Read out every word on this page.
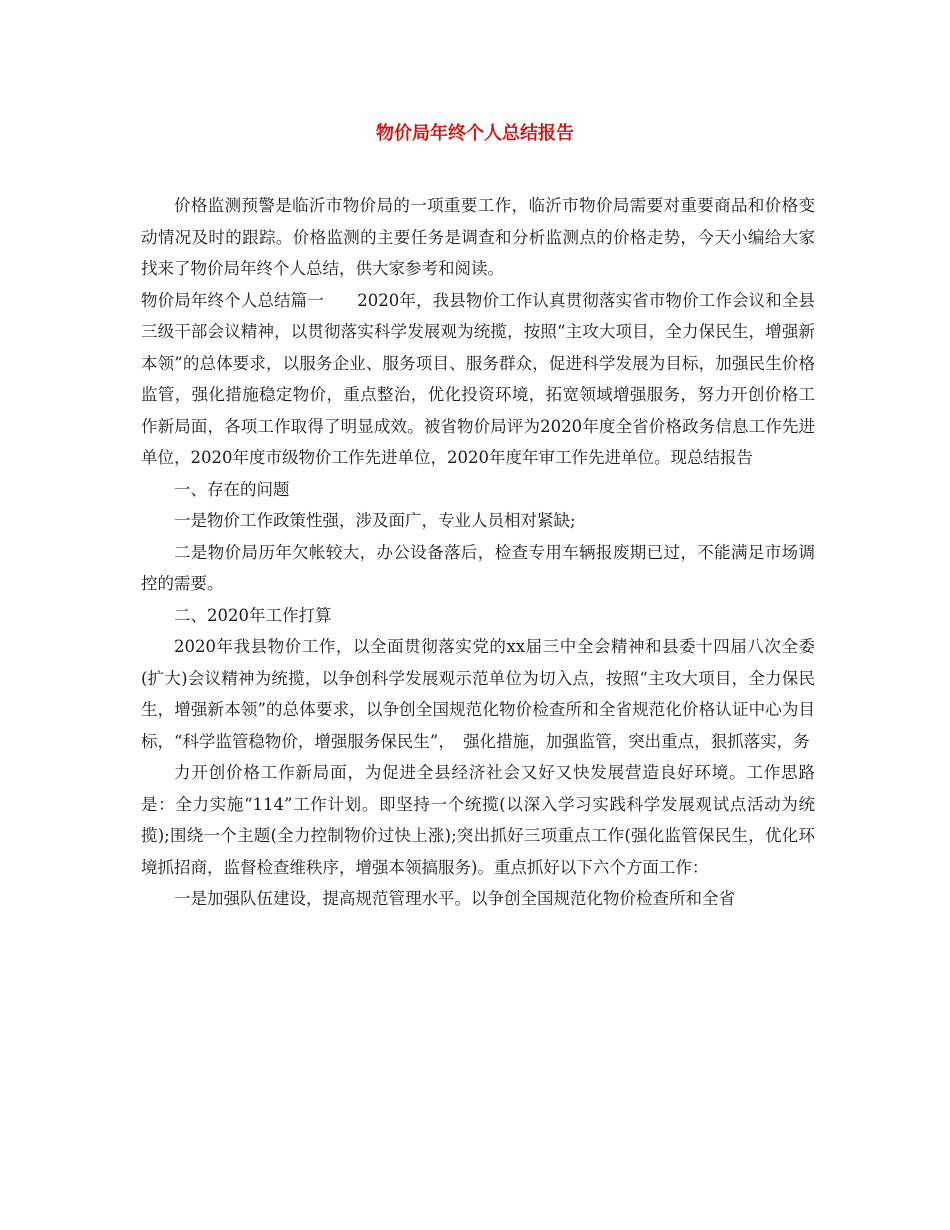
物价局年终个人总结报告

价格监测预警是临沂市物价局的一项重要工作，临沂市物价局需要对重要商品和价格变动情况及时的跟踪。价格监测的主要任务是调查和分析监测点的价格走势，今天小编给大家找来了物价局年终个人总结，供大家参考和阅读。

物价局年终个人总结篇一　　2020年，我县物价工作认真贯彻落实省市物价工作会议和全县三级干部会议精神，以贯彻落实科学发展观为统揽，按照“主攻大项目，全力保民生，增强新本领”的总体要求，以服务企业、服务项目、服务群众，促进科学发展为目标，加强民生价格监管，强化措施稳定物价，重点整治，优化投资环境，拓宽领域增强服务，努力开创价格工作新局面，各项工作取得了明显成效。被省物价局评为2020年度全省价格政务信息工作先进单位，2020年度市级物价工作先进单位，2020年度年审工作先进单位。现总结报告

一、存在的问题

一是物价工作政策性强，涉及面广，专业人员相对紧缺;

二是物价局历年欠帐较大，办公设备落后，检查专用车辆报废期已过，不能满足市场调控的需要。

二、2020年工作打算

2020年我县物价工作，以全面贯彻落实党的xx届三中全会精神和县委十四届八次全委(扩大)会议精神为统揽，以争创科学发展观示范单位为切入点，按照“主攻大项目，全力保民生，增强新本领”的总体要求，以争创全国规范化物价检查所和全省规范化价格认证中心为目标，“科学监管稳物价，增强服务保民生”，　强化措施，加强监管，突出重点，狠抓落实，务

力开创价格工作新局面，为促进全县经济社会又好又快发展营造良好环境。工作思路是：全力实施“114”工作计划。即坚持一个统揽(以深入学习实践科学发展观试点活动为统揽);围绕一个主题(全力控制物价过快上涨);突出抓好三项重点工作(强化监管保民生，优化环境抓招商，监督检查维秩序，增强本领搞服务)。重点抓好以下六个方面工作：

一是加强队伍建设，提高规范管理水平。以争创全国规范化物价检查所和全省
